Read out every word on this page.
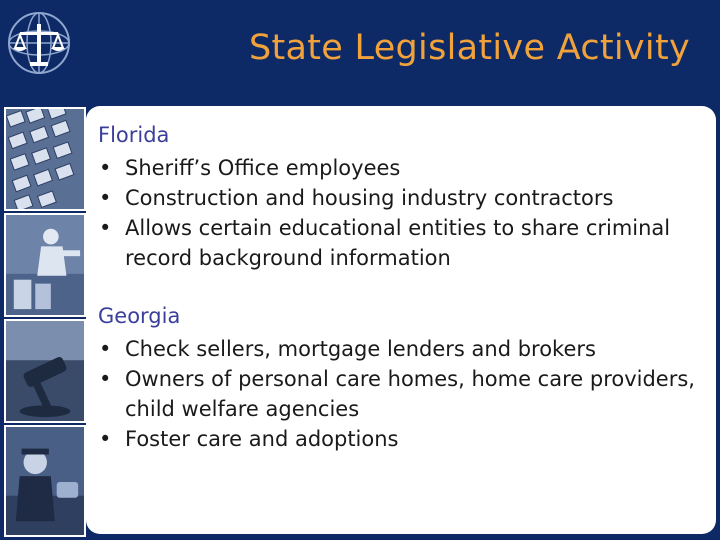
State Legislative Activity
Florida
• Sheriff’s Office employees
• Construction and housing industry contractors
• Allows certain educational entities to share criminal record background information
Georgia
• Check sellers, mortgage lenders and brokers
• Owners of personal care homes, home care providers, child welfare agencies
• Foster care and adoptions
